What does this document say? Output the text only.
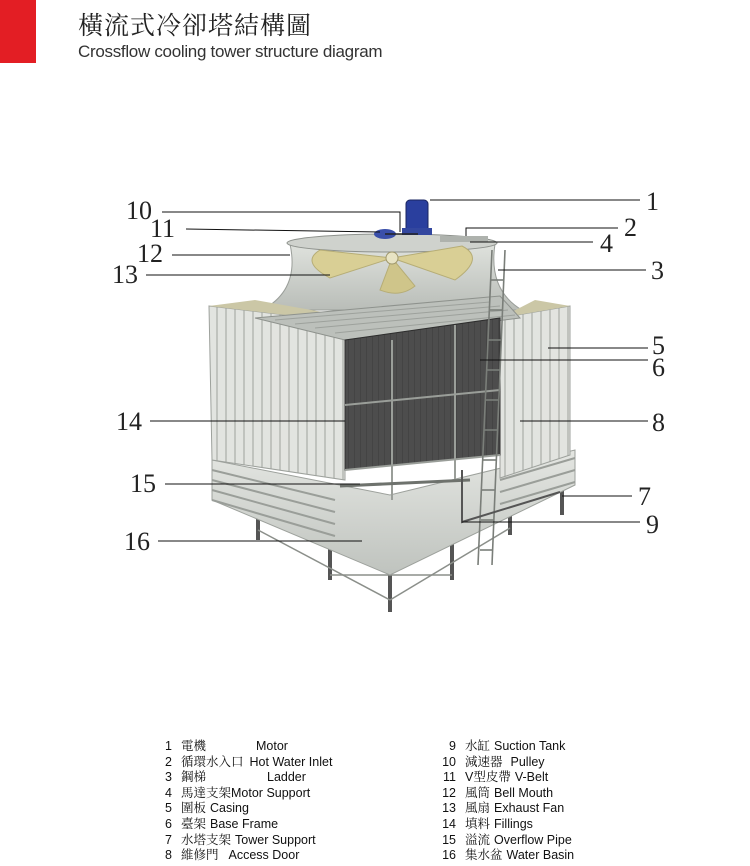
橫流式冷卻塔結構圖
Crossflow cooling tower structure diagram
10
11
12
13
14
15
16
1
2
4
3
5
6
8
7
9
1 電機	Motor
2 循環水入口 Hot Water Inlet
3 鋼梯	Ladder
4 馬達支架Motor Support
5 圍板 Casing
6 臺架 Base Frame
7 水塔支架 Tower Support
8 維修門 Access Door
9 水缸 Suction Tank
10 減速器 Pulley
11 V型皮帶 V-Belt
12 風筒 Bell Mouth
13 風扇 Exhaust Fan
14 填料 Fillings
15 溢流 Overflow Pipe
16 集水盆 Water Basin
